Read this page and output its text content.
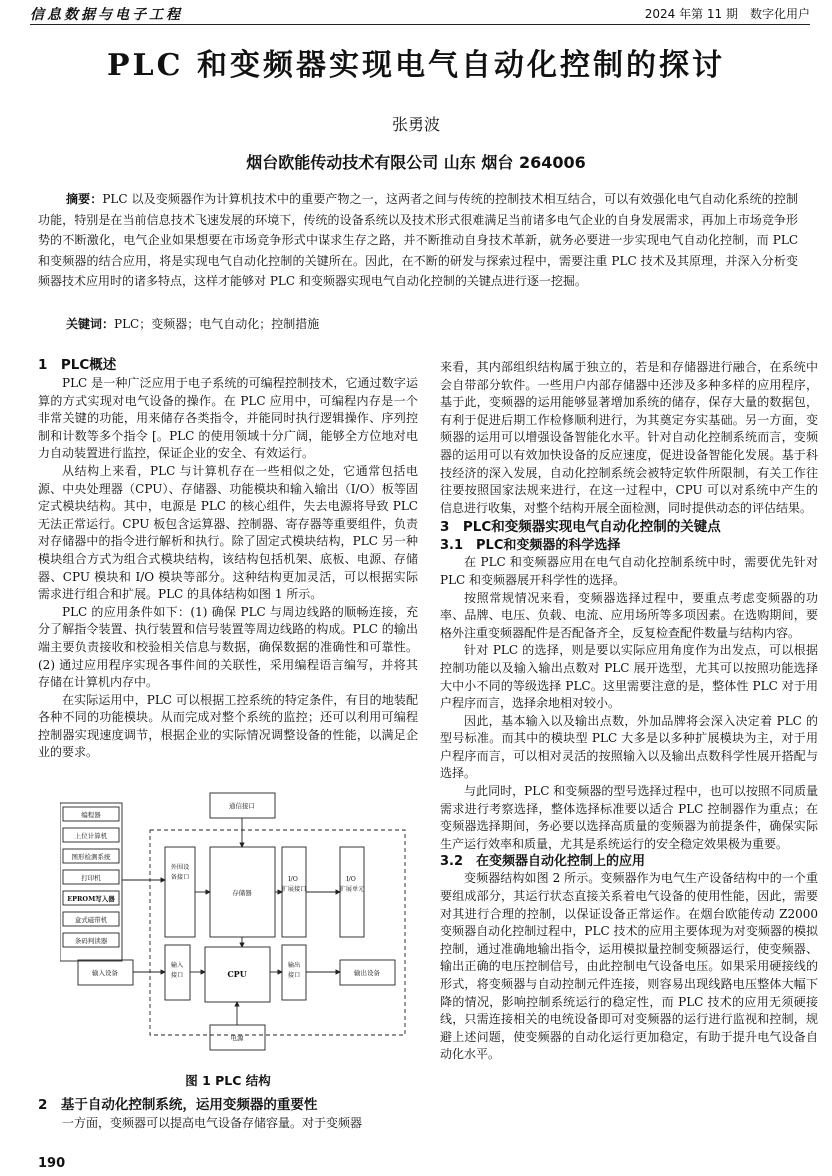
信息数据与电子工程	2024 年第 11 期　数字化用户
PLC 和变频器实现电气自动化控制的探讨
张勇波
烟台欧能传动技术有限公司 山东 烟台 264006
摘要：PLC 以及变频器作为计算机技术中的重要产物之一，这两者之间与传统的控制技术相互结合，可以有效强化电气自动化系统的控制功能，特别是在当前信息技术飞速发展的环境下，传统的设备系统以及技术形式很难满足当前诸多电气企业的自身发展需求，再加上市场竞争形势的不断激化，电气企业如果想要在市场竞争形式中谋求生存之路，并不断推动自身技术革新，就务必要进一步实现电气自动化控制，而 PLC 和变频器的结合应用，将是实现电气自动化控制的关键所在。因此，在不断的研发与探索过程中，需要注重 PLC 技术及其原理，并深入分析变频器技术应用时的诸多特点，这样才能够对 PLC 和变频器实现电气自动化控制的关键点进行逐一挖掘。
关键词：PLC；变频器；电气自动化；控制措施

1　PLC概述

PLC 是一种广泛应用于电子系统的可编程控制技术，它通过数字运算的方式实现对电气设备的操作。在 PLC 应用中，可编程内存是一个非常关键的功能，用来储存各类指令，并能同时执行逻辑操作、序列控制和计数等多个指令 [。PLC 的使用领域十分广阔，能够全方位地对电力自动装置进行监控，保证企业的安全、有效运行。

从结构上来看，PLC 与计算机存在一些相似之处，它通常包括电源、中央处理器（CPU）、存储器、功能模块和输入输出（I/O）板等固定式模块结构。其中，电源是 PLC 的核心组件，失去电源将导致 PLC 无法正常运行。CPU 板包含运算器、控制器、寄存器等重要组件，负责对存储器中的指令进行解析和执行。除了固定式模块结构，PLC 另一种模块组合方式为组合式模块结构，该结构包括机架、底板、电源、存储器、CPU 模块和 I/O 模块等部分。这种结构更加灵活，可以根据实际需求进行组合和扩展。PLC 的具体结构如图 1 所示。

PLC 的应用条件如下：(1) 确保 PLC 与周边线路的顺畅连接，充分了解指令装置、执行装置和信号装置等周边线路的构成。PLC 的输出端主要负责接收和校验相关信息与数据，确保数据的准确性和可靠性。(2) 通过应用程序实现各事件间的关联性，采用编程语言编写，并将其存储在计算机内存中。

在实际运用中，PLC 可以根据工控系统的特定条件，有目的地装配各种不同的功能模块。从而完成对整个系统的监控；还可以利用可编程控制器实现速度调节，根据企业的实际情况调整设备的性能，以满足企业的要求。

编程器
上位计算机
图形检测系统
打印机
EPROM写入器
盒式磁带机
条码判读器
通信接口
存储器
输入设备	CPU	输出设备
电源
外围设备接口	I/O 扩展接口
I/O 扩展单元
输入接口
输出接口
图 1 PLC 结构

2　基于自动化控制系统，运用变频器的重要性

一方面，变频器可以提高电气设备存储容量。对于变频器

来看，其内部组织结构属于独立的，若是和存储器进行融合，在系统中会自带部分软件。一些用户内部存储器中还涉及多种多样的应用程序，基于此，变频器的运用能够显著增加系统的储存，保存大量的数据包，有利于促进后期工作检修顺利进行，为其奠定夯实基础。另一方面，变频器的运用可以增强设备智能化水平。针对自动化控制系统而言，变频器的运用可以有效加快设备的反应速度，促进设备智能化发展。基于科技经济的深入发展，自动化控制系统会被特定软件所限制，有关工作往往要按照国家法规来进行，在这一过程中，CPU 可以对系统中产生的信息进行收集，对整个结构开展全面检测，同时提供动态的评估结果。

3　PLC和变频器实现电气自动化控制的关键点

3.1　PLC和变频器的科学选择

在 PLC 和变频器应用在电气自动化控制系统中时，需要优先针对 PLC 和变频器展开科学性的选择。

按照常规情况来看，变频器选择过程中，要重点考虑变频器的功率、品牌、电压、负载、电流、应用场所等多项因素。在选购期间，要格外注重变频器配件是否配备齐全，反复检查配件数量与结构内容。

针对 PLC 的选择，则是要以实际应用角度作为出发点，可以根据控制功能以及输入输出点数对 PLC 展开选型，尤其可以按照功能选择大中小不同的等级选择 PLC。这里需要注意的是，整体性 PLC 对于用户程序而言，选择余地相对较小。

因此，基本输入以及输出点数，外加品牌将会深入决定着 PLC 的型号标准。而其中的模块型 PLC 大多是以多种扩展模块为主，对于用户程序而言，可以相对灵活的按照输入以及输出点数科学性展开搭配与选择。

与此同时，PLC 和变频器的型号选择过程中，也可以按照不同质量需求进行考察选择，整体选择标准要以适合 PLC 控制器作为重点；在变频器选择期间，务必要以选择高质量的变频器为前提条件，确保实际生产运行效率和质量，尤其是系统运行的安全稳定效果极为重要。

3.2　在变频器自动化控制上的应用

变频器结构如图 2 所示。变频器作为电气生产设备结构中的一个重要组成部分，其运行状态直接关系着电气设备的使用性能，因此，需要对其进行合理的控制，以保证设备正常运作。在烟台欧能传动 Z2000 变频器自动化控制过程中，PLC 技术的应用主要体现为对变频器的模拟控制，通过准确地输出指令，运用模拟量控制变频器运行，使变频器、输出正确的电压控制信号，由此控制电气设备电压。如果采用硬接线的形式，将变频器与自动控制元件连接，则容易出现线路电压整体大幅下降的情况，影响控制系统运行的稳定性，而 PLC 技术的应用无须硬接线，只需连接相关的电统设备即可对变频器的运行进行监视和控制，规避上述问题，使变频器的自动化运行更加稳定，有助于提升电气设备自动化水平。

190
